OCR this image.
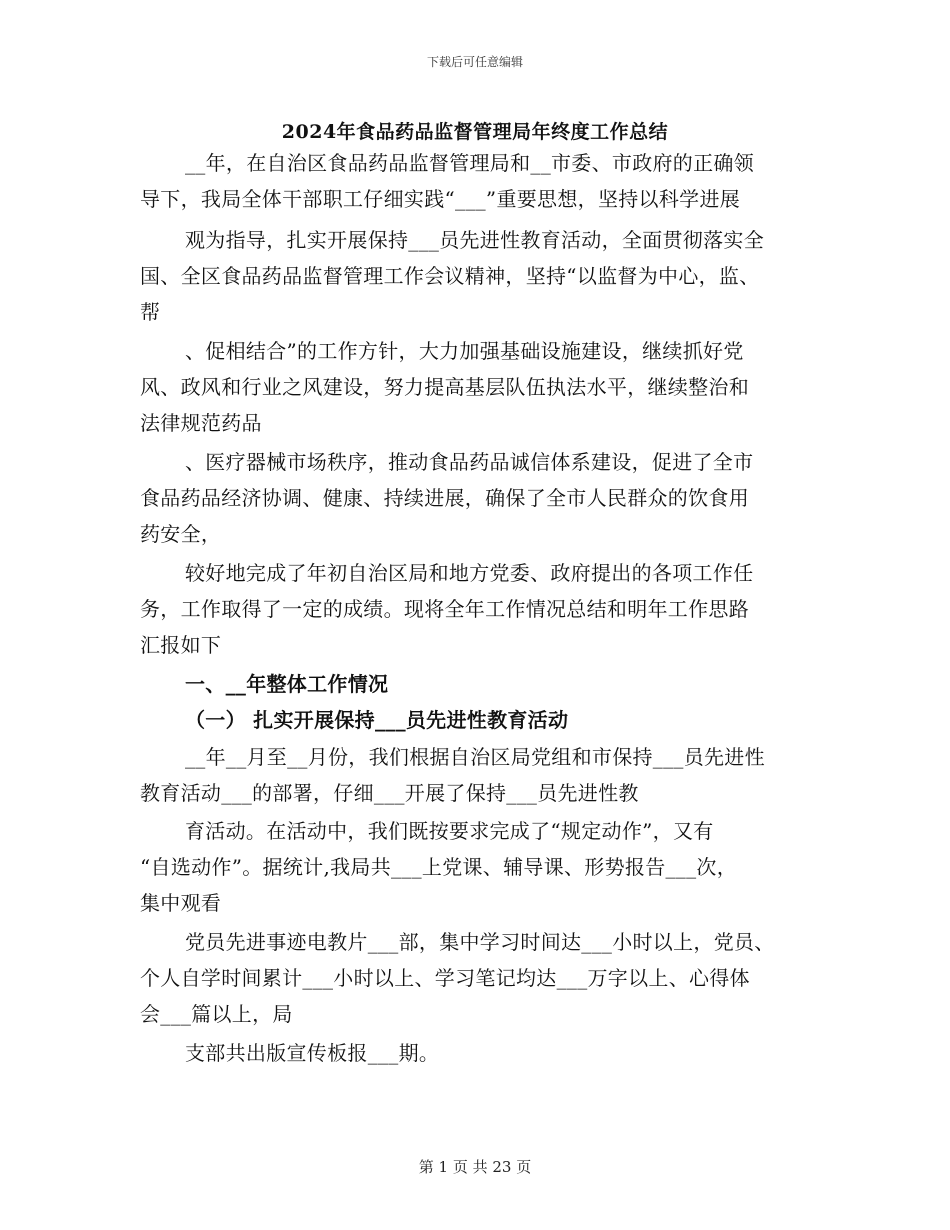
下载后可任意编辑
2024年食品药品监督管理局年终度工作总结
__年，在自治区食品药品监督管理局和__市委、市政府的正确领
导下，我局全体干部职工仔细实践“___”重要思想，坚持以科学进展
观为指导，扎实开展保持___员先进性教育活动，全面贯彻落实全
国、全区食品药品监督管理工作会议精神，坚持“以监督为中心，监、
帮
、促相结合”的工作方针，大力加强基础设施建设，继续抓好党
风、政风和行业之风建设，努力提高基层队伍执法水平，继续整治和
法律规范药品
、医疗器械市场秩序，推动食品药品诚信体系建设，促进了全市
食品药品经济协调、健康、持续进展，确保了全市人民群众的饮食用
药安全，
较好地完成了年初自治区局和地方党委、政府提出的各项工作任
务，工作取得了一定的成绩。现将全年工作情况总结和明年工作思路
汇报如下
一、__年整体工作情况
（一） 扎实开展保持___员先进性教育活动
__年__月至__月份，我们根据自治区局党组和市保持___员先进性
教育活动___的部署，仔细___开展了保持___员先进性教
育活动。在活动中，我们既按要求完成了“规定动作”，又有
“自选动作”。据统计,我局共___上党课、辅导课、形势报告___次，
集中观看
党员先进事迹电教片___部，集中学习时间达___小时以上，党员、
个人自学时间累计___小时以上、学习笔记均达___万字以上、心得体
会___篇以上，局
支部共出版宣传板报___期。
第 1 页 共 23 页
